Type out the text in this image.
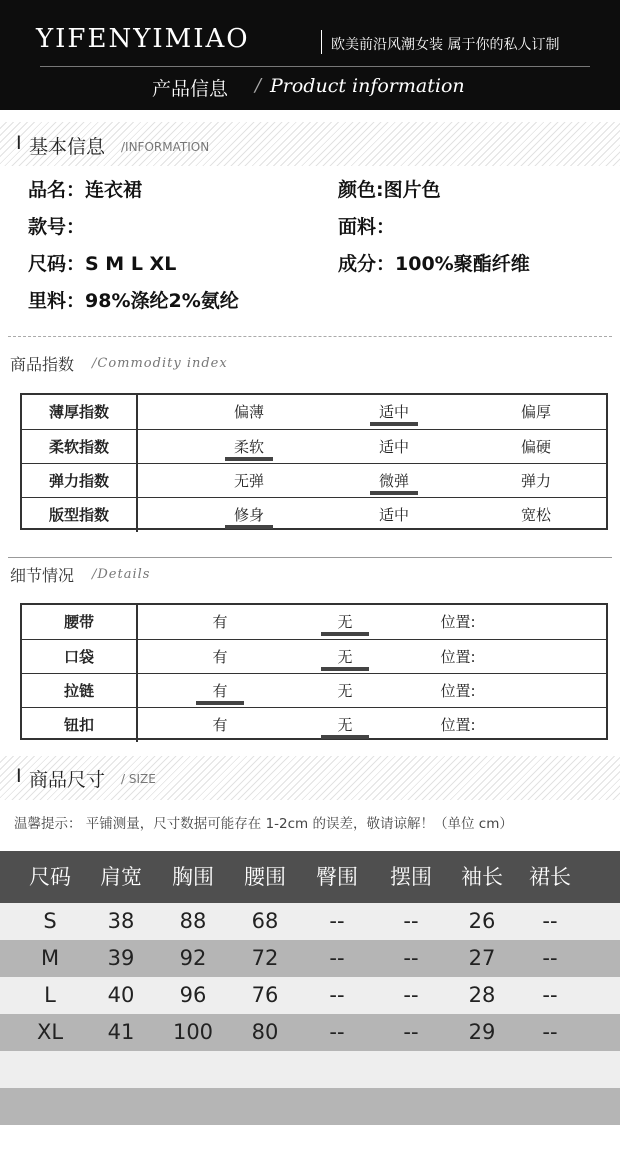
YIFENYIMIAO	欧美前沿风潮女装 属于你的私人订制
产品信息 / Product information
I 基本信息 /INFORMATION
品名：连衣裙	颜色:图片色
款号：	面料：
尺码：S M L XL	成分：100%聚酯纤维
里料：98%涤纶2%氨纶
商品指数 /Commodity index
薄厚指数	偏薄	适中	偏厚
柔软指数	柔软	适中	偏硬
弹力指数	无弹	微弹	弹力
版型指数	修身	适中	宽松
细节情况 /Details
腰带	有	无	位置:
口袋	有	无	位置:
拉链	有	无	位置:
钮扣	有	无	位置:
I 商品尺寸 / SIZE
温馨提示： 平铺测量，尺寸数据可能存在 1-2cm 的误差，敬请谅解！（单位 cm）
尺码	肩宽	胸围	腰围	臀围	摆围	袖长	裙长
S	38	88	68	--	--	26	--
M	39	92	72	--	--	27	--
L	40	96	76	--	--	28	--
XL	41	100	80	--	--	29	--
